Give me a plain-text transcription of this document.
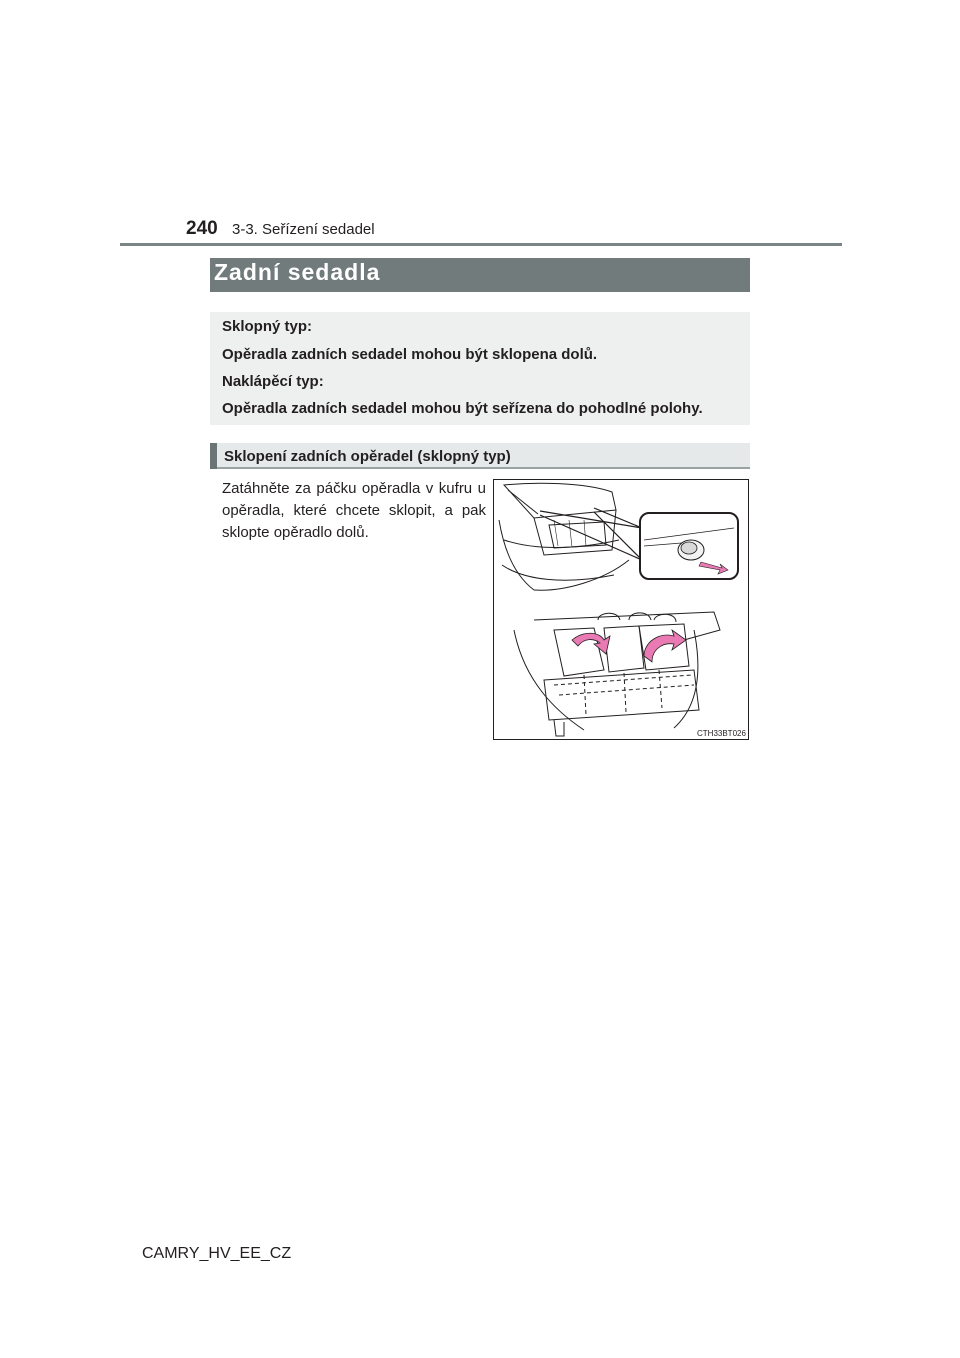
240 3-3. Seřízení sedadel
Zadní sedadla
Sklopný typ:
Opěradla zadních sedadel mohou být sklopena dolů.
Naklápěcí typ:
Opěradla zadních sedadel mohou být seřízena do pohodlné polohy.
Sklopení zadních opěradel (sklopný typ)
Zatáhněte za páčku opěradla v kufru u opěradla, které chcete sklopit, a pak sklopte opěradlo dolů.
CTH33BT026
CAMRY_HV_EE_CZ
